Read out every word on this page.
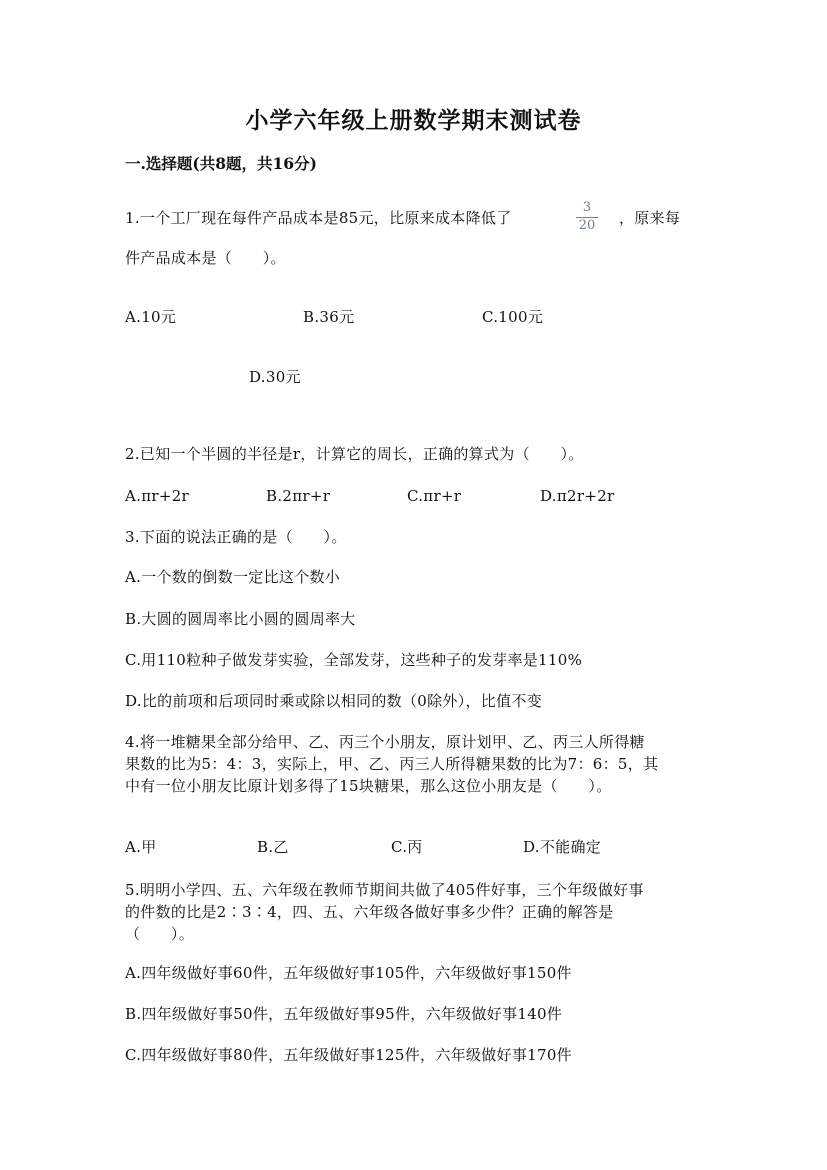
小学六年级上册数学期末测试卷
一.选择题(共8题，共16分)
1.一个工厂现在每件产品成本是85元，比原来成本降低了
3
20 ，原来每
件产品成本是（　　）。
A.10元	B.36元	C.100元
D.30元
2.已知一个半圆的半径是r，计算它的周长，正确的算式为（　　）。
A.πr+2r	B.2πr+r	C.πr+r	D.π2r+2r
3.下面的说法正确的是（　　）。
A.一个数的倒数一定比这个数小
B.大圆的圆周率比小圆的圆周率大
C.用110粒种子做发芽实验，全部发芽，这些种子的发芽率是110%
D.比的前项和后项同时乘或除以相同的数（0除外），比值不变
4.将一堆糖果全部分给甲、乙、丙三个小朋友，原计划甲、乙、丙三人所得糖
果数的比为5：4：3，实际上，甲、乙、丙三人所得糖果数的比为7：6：5，其
中有一位小朋友比原计划多得了15块糖果，那么这位小朋友是（　　）。
A.甲	B.乙	C.丙	D.不能确定
5.明明小学四、五、六年级在教师节期间共做了405件好事，三个年级做好事
的件数的比是2∶3∶4，四、五、六年级各做好事多少件？正确的解答是
（　　）。
A.四年级做好事60件，五年级做好事105件，六年级做好事150件
B.四年级做好事50件，五年级做好事95件，六年级做好事140件
C.四年级做好事80件，五年级做好事125件，六年级做好事170件
